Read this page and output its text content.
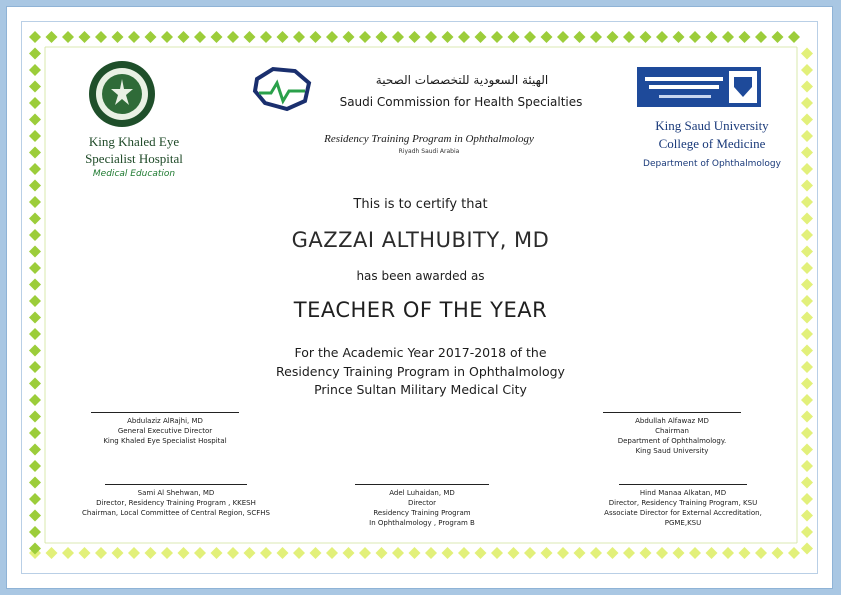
King Khaled Eye
Specialist Hospital
Medical Education
الهيئة السعودية للتخصصات الصحية
Saudi Commission for Health Specialties
Residency Training Program in Ophthalmology
Riyadh Saudi Arabia
King Saud University
College of Medicine
Department of Ophthalmology
This is to certify that
GAZZAI ALTHUBITY, MD
has been awarded as
TEACHER OF THE YEAR
For the Academic Year 2017-2018 of the
Residency Training Program in Ophthalmology
Prince Sultan Military Medical City
Abdulaziz AlRajhi, MD
General Executive Director
King Khaled Eye Specialist Hospital
Abdullah Alfawaz MD
Chairman
Department of Ophthalmology.
King Saud University
Sami Al Shehwan, MD
Director, Residency Training Program , KKESH
Chairman, Local Committee of Central Region, SCFHS
Adel Luhaidan, MD
Director
Residency Training Program
In Ophthalmology , Program B
Hind Manaa Alkatan, MD
Director, Residency Training Program, KSU
Associate Director for External Accreditation,
PGME,KSU
